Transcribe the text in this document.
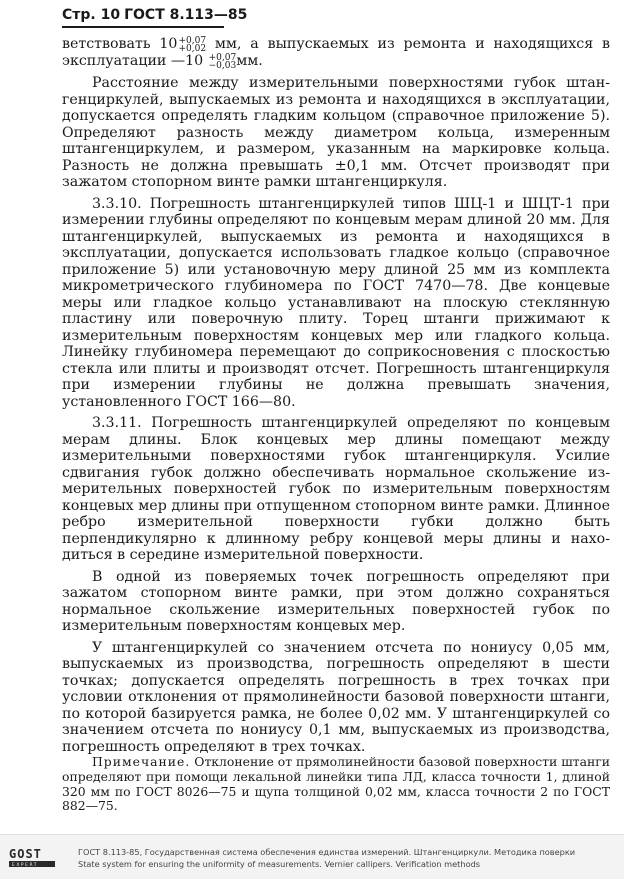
Стр. 10 ГОСТ 8.113—85

ветствовать 10 +0,07
+0,02 мм, а выпускаемых из ремонта и находящихся в эксплуатации —10 +0,07
−0,03 мм.

Расстояние между измерительными поверхностями губок штангенциркулей, выпускаемых из ремонта и находящихся в эксплуатации, допускается определять гладким кольцом (справочное приложение 5). Определяют разность между диаметром кольца, измеренным штангенциркулем, и размером, указанным на маркировке кольца. Разность не должна превышать ±0,1 мм. Отсчет производят при зажатом стопорном винте рамки штангенциркуля.

3.3.10. Погрешность штангенциркулей типов ШЦ-1 и ШЦТ-1 при измерении глубины определяют по концевым мерам длиной 20 мм. Для штангенциркулей, выпускаемых из ремонта и находящихся в эксплуатации, допускается использовать гладкое кольцо (справочное приложение 5) или установочную меру длиной 25 мм из комплекта микрометрического глубиномера по ГОСТ 7470—78. Две концевые меры или гладкое кольцо устанавливают на плоскую стеклянную пластину или поверочную плиту. Торец штанги прижимают к измерительным поверхностям концевых мер или гладкого кольца. Линейку глубиномера перемещают до соприкосновения с плоскостью стекла или плиты и производят отсчет. Погрешность штангенциркуля при измерении глубины не должна превышать значения, установленного ГОСТ 166—80.

3.3.11. Погрешность штангенциркулей определяют по концевым мерам длины. Блок концевых мер длины помещают между измерительными поверхностями губок штангенциркуля. Усилие сдвигания губок должно обеспечивать нормальное скольжение измерительных поверхностей губок по измерительным поверхностям концевых мер длины при отпущенном стопорном винте рамки. Длинное ребро измерительной поверхности губки должно быть перпендикулярно к длинному ребру концевой меры длины и находиться в середине измерительной поверхности.

В одной из поверяемых точек погрешность определяют при зажатом стопорном винте рамки, при этом должно сохраняться нормальное скольжение измерительных поверхностей губок по измерительным поверхностям концевых мер.

У штангенциркулей со значением отсчета по нониусу 0,05 мм, выпускаемых из производства, погрешность определяют в шести точках; допускается определять погрешность в трех точках при условии отклонения от прямолинейности базовой поверхности штанги, по которой базируется рамка, не более 0,02 мм. У штангенциркулей со значением отсчета по нониусу 0,1 мм, выпускаемых из производства, погрешность определяют в трех точках.

Примечание. Отклонение от прямолинейности базовой поверхности штанги определяют при помощи лекальной линейки типа ЛД, класса точности 1, длиной 320 мм по ГОСТ 8026—75 и щупа толщиной 0,02 мм, класса точности 2 по ГОСТ 882—75.

GOST
EXPERT
ГОСТ 8.113-85, Государственная система обеспечения единства измерений. Штангенциркули. Методика поверки
State system for ensuring the uniformity of measurements. Vernier callipers. Verification methods
